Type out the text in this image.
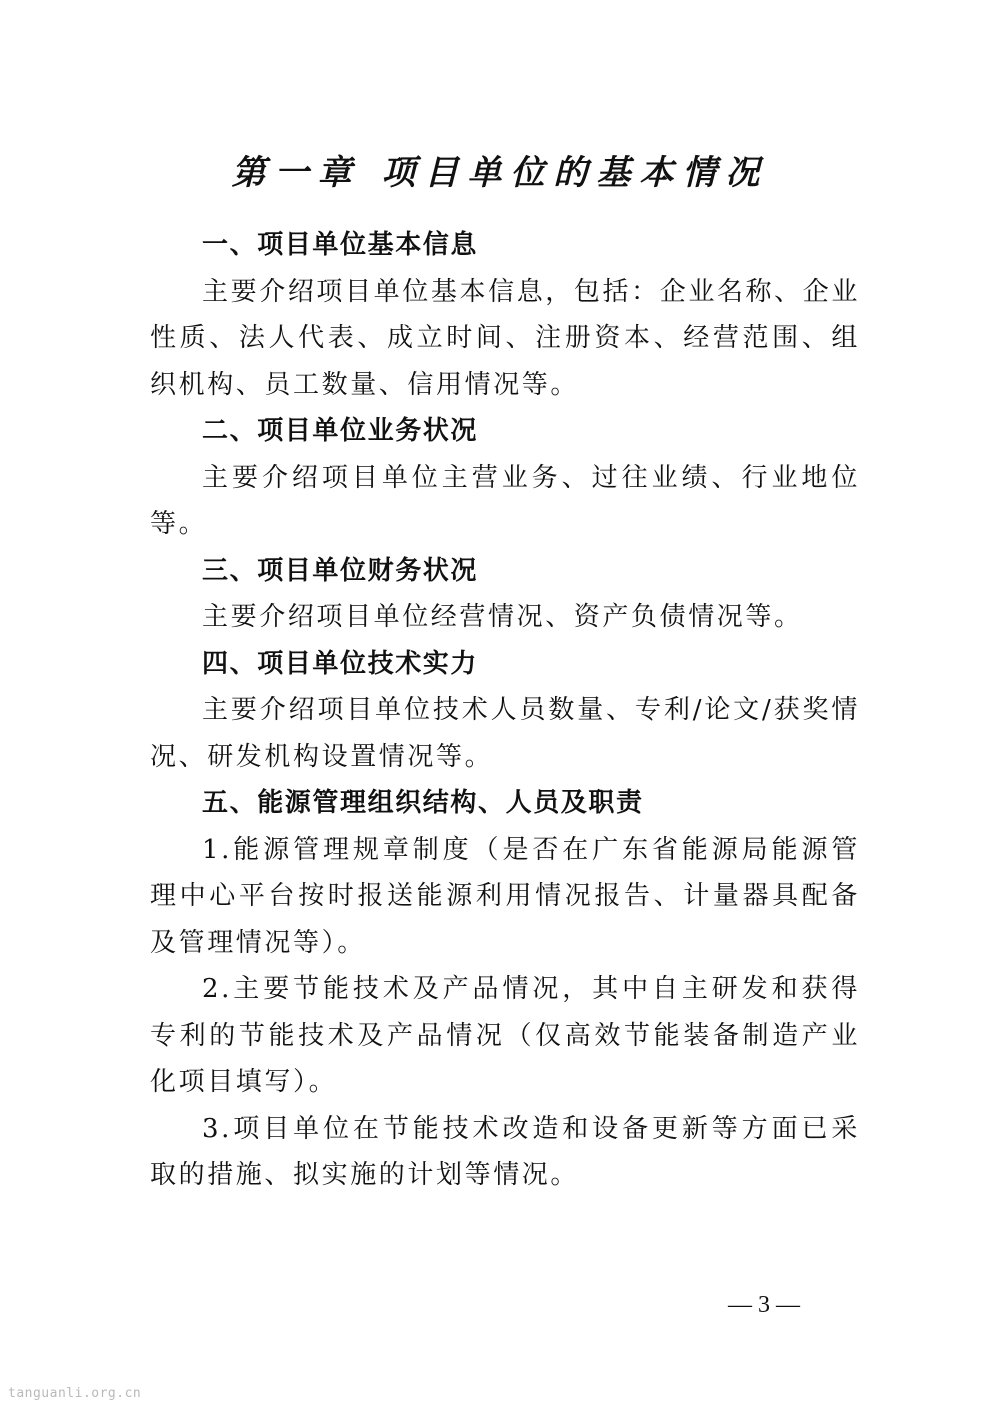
第一章 项目单位的基本情况

一、项目单位基本信息

主要介绍项目单位基本信息，包括：企业名称、企业性质、法人代表、成立时间、注册资本、经营范围、组织机构、员工数量、信用情况等。

二、项目单位业务状况

主要介绍项目单位主营业务、过往业绩、行业地位等。

三、项目单位财务状况

主要介绍项目单位经营情况、资产负债情况等。

四、项目单位技术实力

主要介绍项目单位技术人员数量、专利/论文/获奖情况、研发机构设置情况等。

五、能源管理组织结构、人员及职责

1.能源管理规章制度（是否在广东省能源局能源管理中心平台按时报送能源利用情况报告、计量器具配备及管理情况等）。

2.主要节能技术及产品情况，其中自主研发和获得专利的节能技术及产品情况（仅高效节能装备制造产业化项目填写）。

3.项目单位在节能技术改造和设备更新等方面已采取的措施、拟实施的计划等情况。

— 3 —
tanguanli.org.cn
